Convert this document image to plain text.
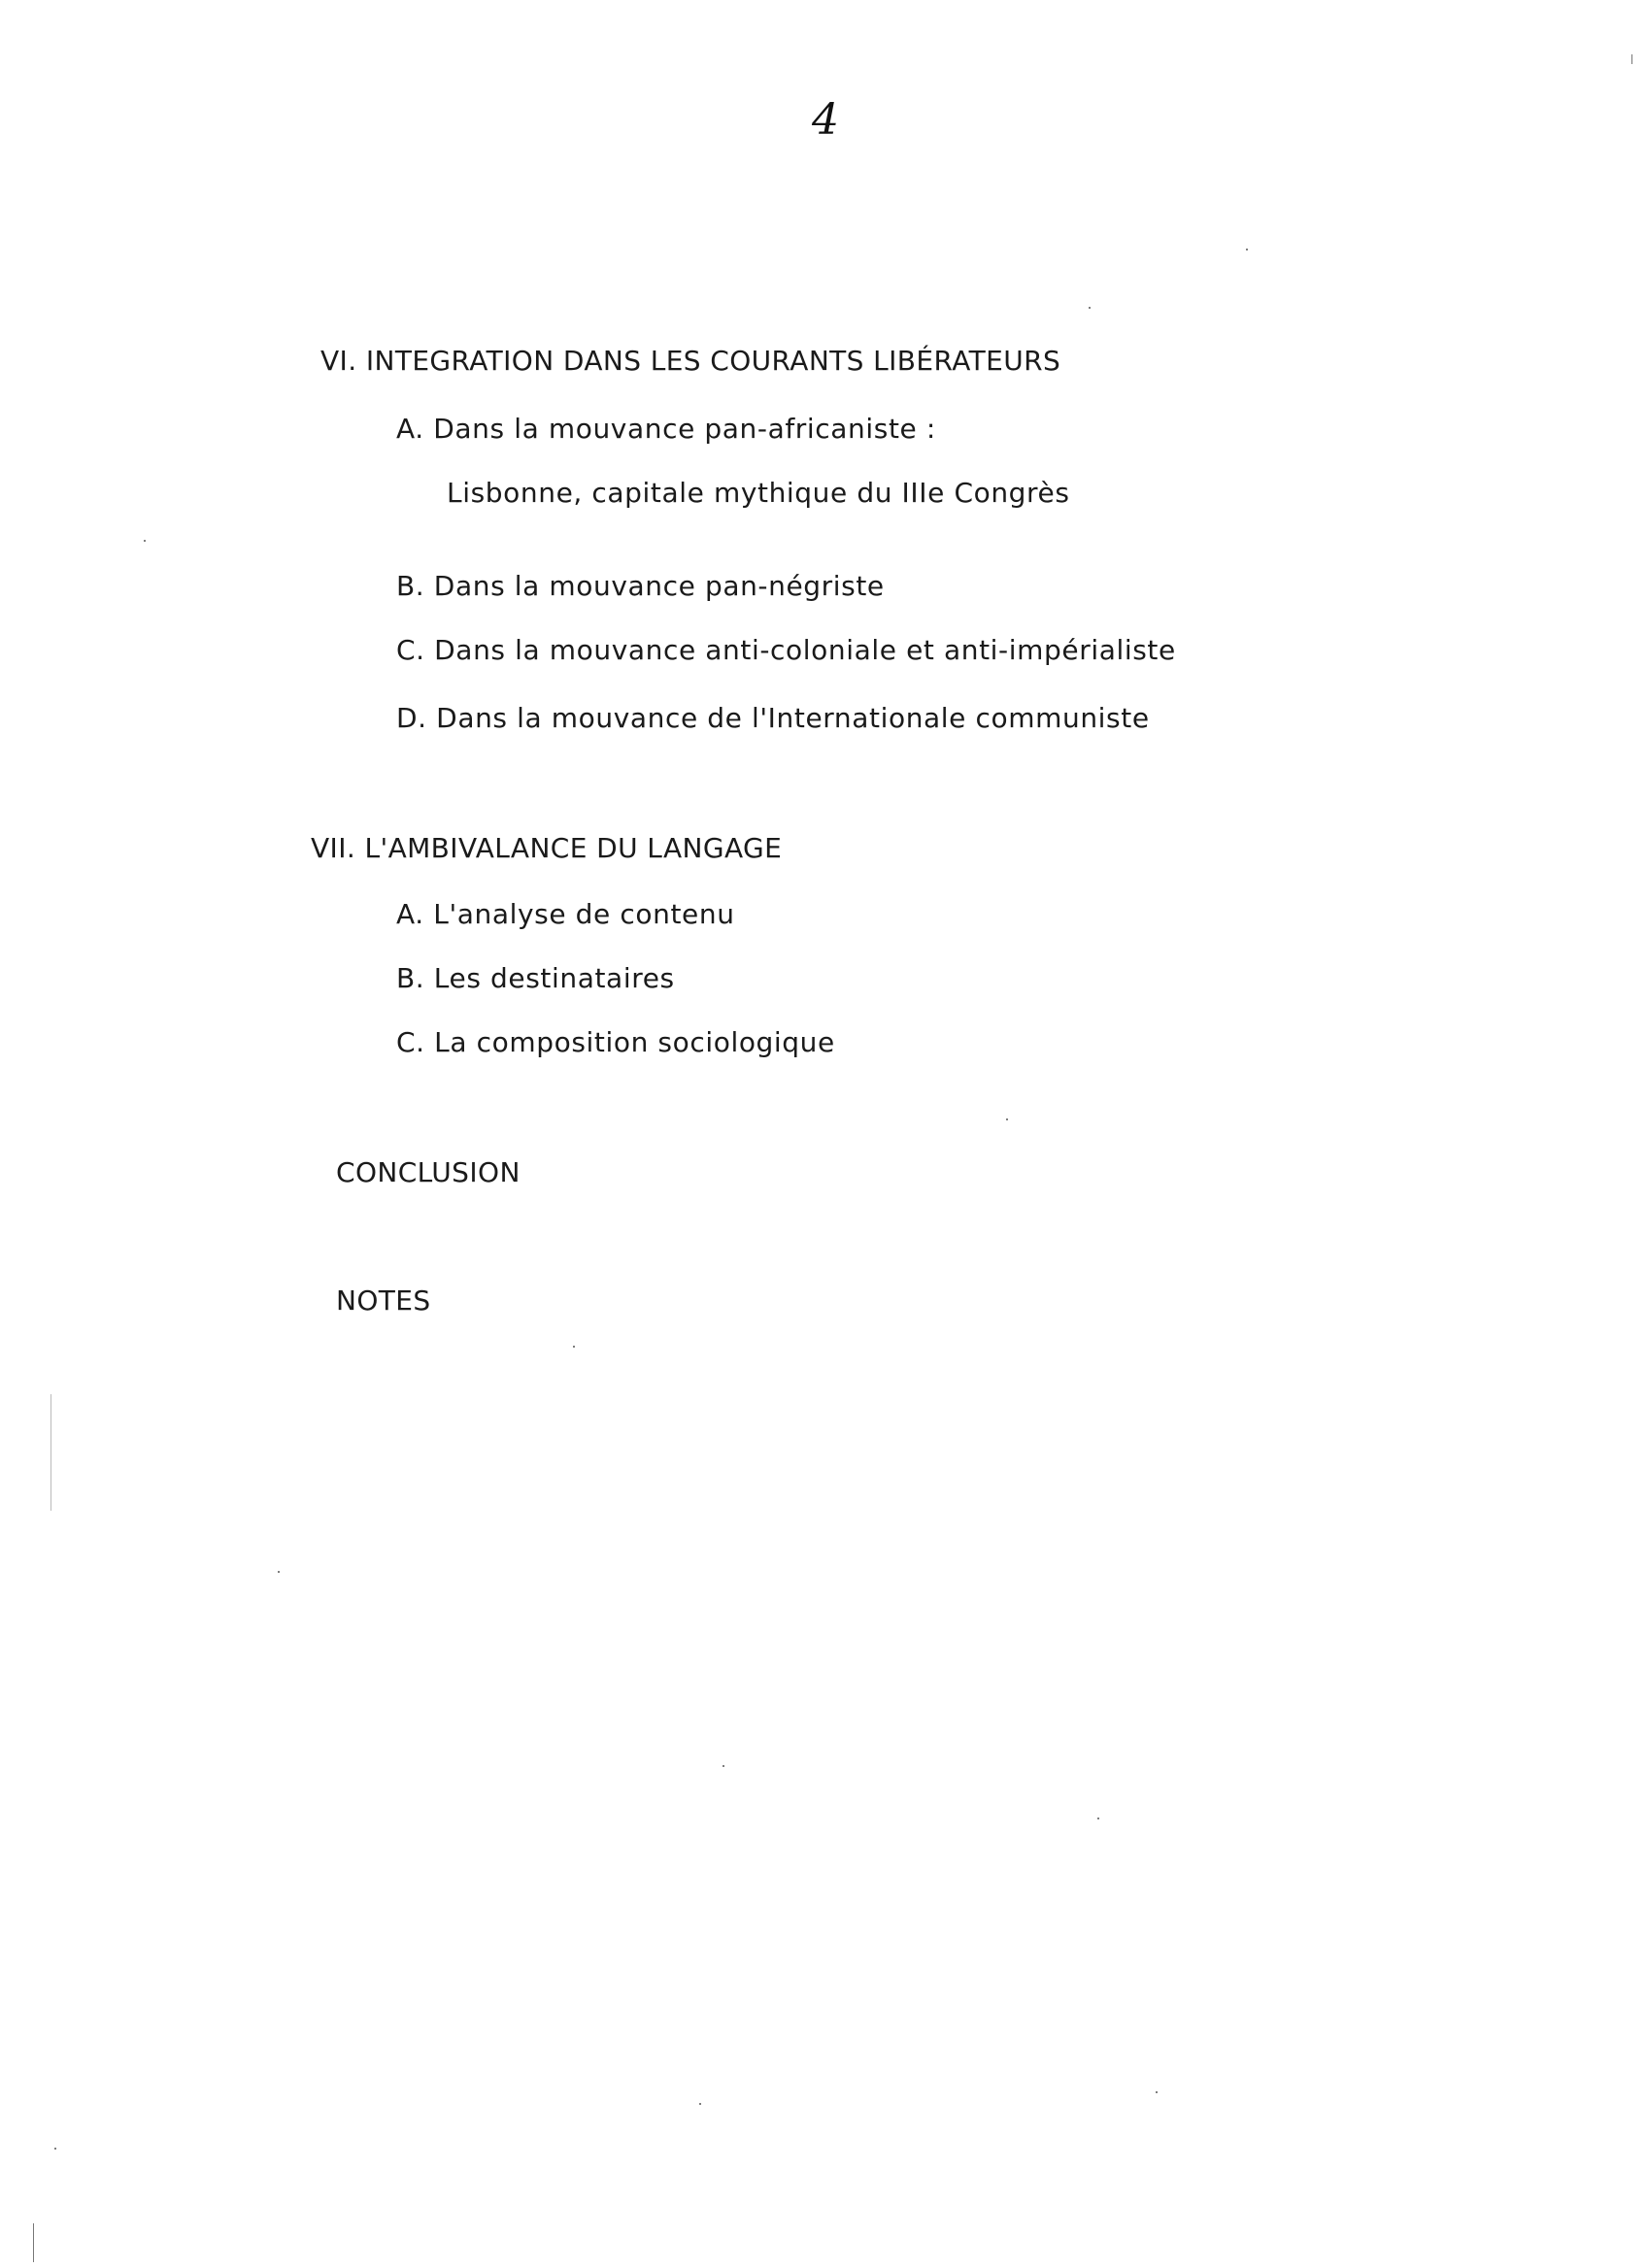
4
VI. INTEGRATION DANS LES COURANTS LIBÉRATEURS
A. Dans la mouvance pan-africaniste :
Lisbonne, capitale mythique du IIIe Congrès
B. Dans la mouvance pan-négriste
C. Dans la mouvance anti-coloniale et anti-impérialiste
D. Dans la mouvance de l'Internationale communiste
VII. L'AMBIVALANCE DU LANGAGE
A. L'analyse de contenu
B. Les destinataires
C. La composition sociologique
CONCLUSION
NOTES
